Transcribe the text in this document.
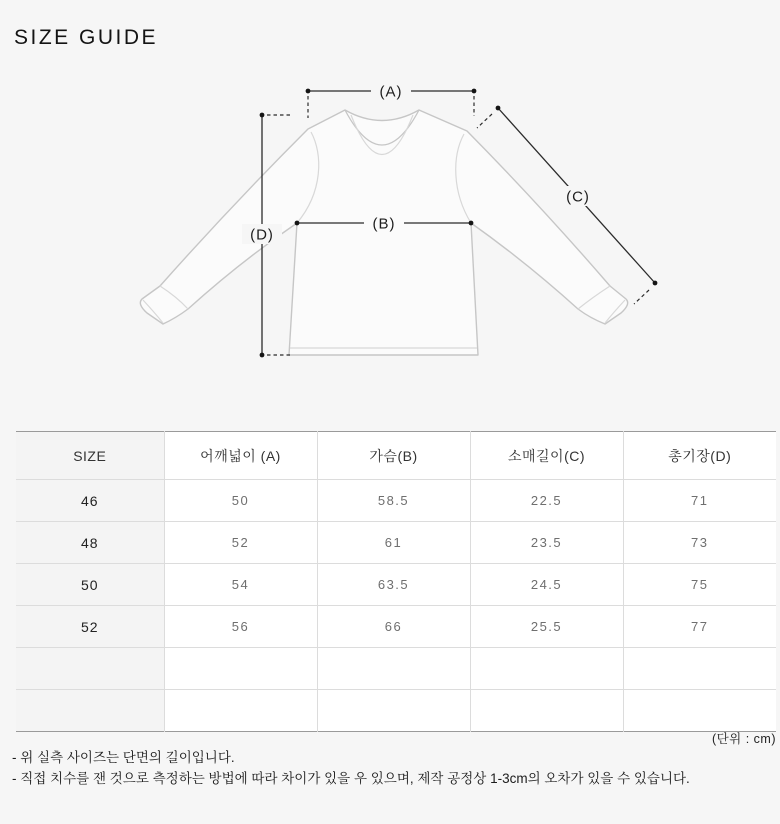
SIZE GUIDE
(A)
(B)
(C)
(D)
SIZE	어깨넓이 (A)	가슴(B)	소매길이(C)	총기장(D)
46	50	58.5	22.5	71
48	52	61	23.5	73
50	54	63.5	24.5	75
52	56	66	25.5	77

(단위 : cm)
- 위 실측 사이즈는 단면의 길이입니다.
- 직접 치수를 잰 것으로 측정하는 방법에 따라 차이가 있을 우 있으며, 제작 공정상 1-3cm의 오차가 있을 수 있습니다.
